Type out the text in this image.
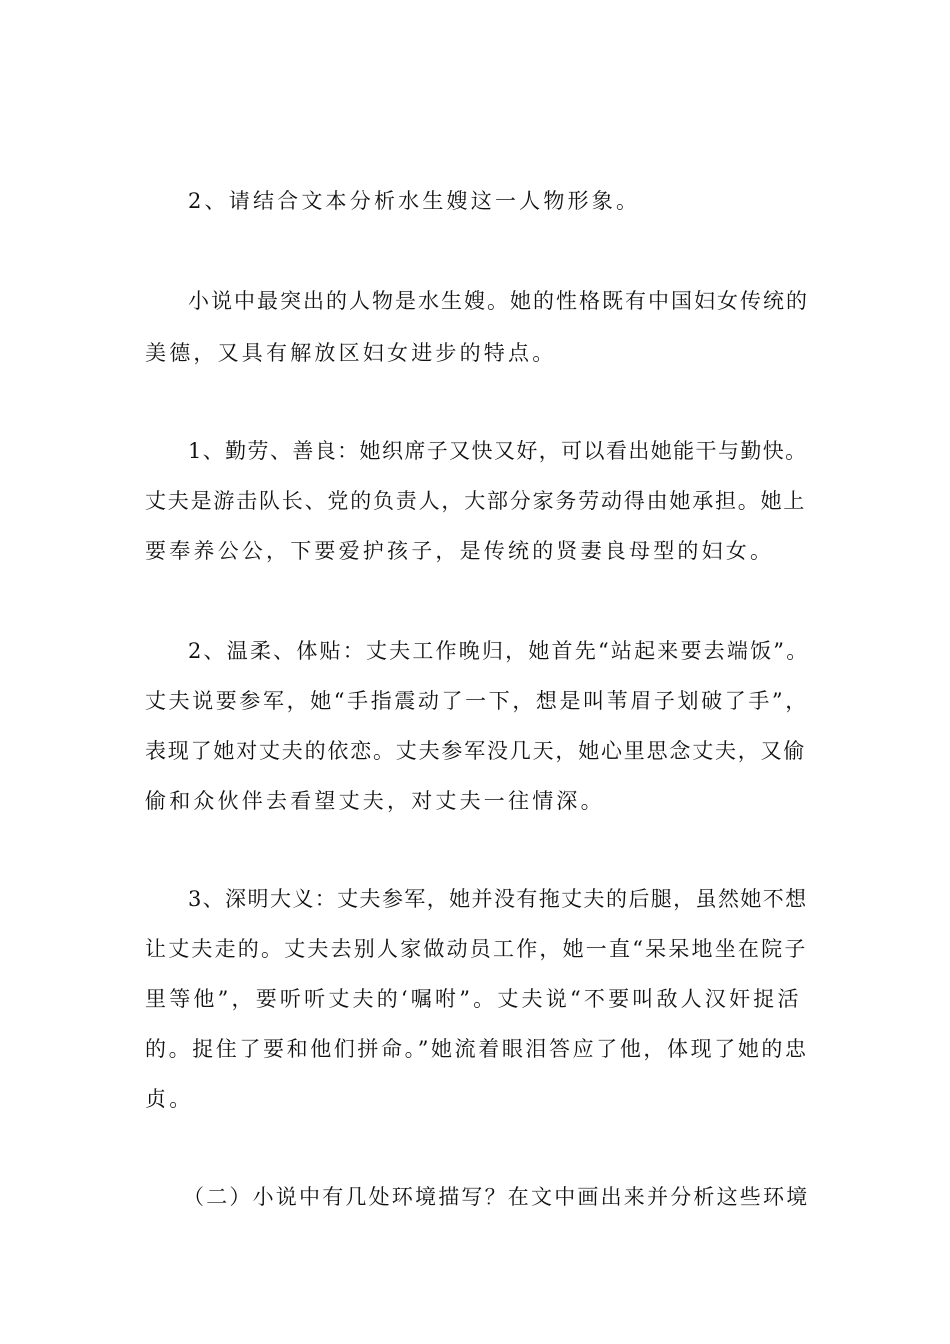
2、请结合文本分析水生嫂这一人物形象。
小说中最突出的人物是水生嫂。她的性格既有中国妇女传统的
美德，又具有解放区妇女进步的特点。
1、勤劳、善良：她织席子又快又好，可以看出她能干与勤快。
丈夫是游击队长、党的负责人，大部分家务劳动得由她承担。她上
要奉养公公，下要爱护孩子，是传统的贤妻良母型的妇女。
2、温柔、体贴：丈夫工作晚归，她首先“站起来要去端饭”。
丈夫说要参军，她“手指震动了一下，想是叫苇眉子划破了手”，
表现了她对丈夫的依恋。丈夫参军没几天，她心里思念丈夫，又偷
偷和众伙伴去看望丈夫，对丈夫一往情深。
3、深明大义：丈夫参军，她并没有拖丈夫的后腿，虽然她不想
让丈夫走的。丈夫去别人家做动员工作，她一直“呆呆地坐在院子
里等他”，要听听丈夫的‘嘱咐”。丈夫说“不要叫敌人汉奸捉活
的。捉住了要和他们拼命。”她流着眼泪答应了他，体现了她的忠
贞。
（二）小说中有几处环境描写？在文中画出来并分析这些环境
